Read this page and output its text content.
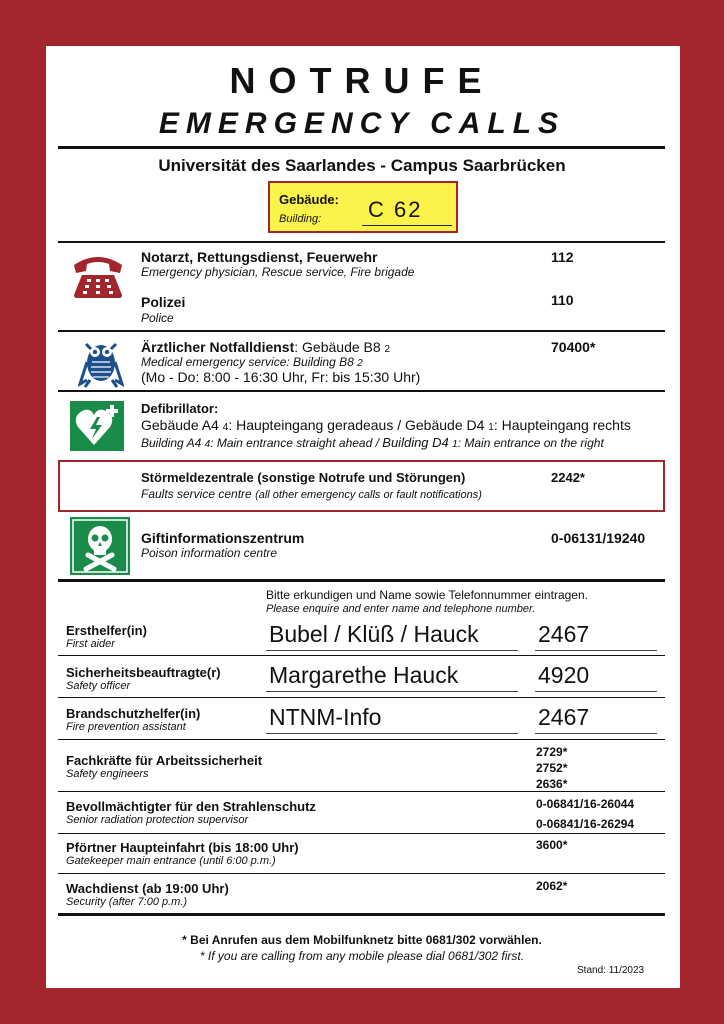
NOTRUFE
EMERGENCY CALLS
Universität des Saarlandes - Campus Saarbrücken
Gebäude:
Building: C 62
Notarzt, Rettungsdienst, Feuerwehr
Emergency physician, Rescue service, Fire brigade
112
Polizei
Police
110
Ärztlicher Notfalldienst: Gebäude B8 2
Medical emergency service: Building B8 2
(Mo - Do: 8:00 - 16:30 Uhr, Fr: bis 15:30 Uhr)
70400*
Defibrillator:
Gebäude A4 4: Haupteingang geradeaus / Gebäude D4 1: Haupteingang rechts
Building A4 4: Main entrance straight ahead / Building D4 1: Main entrance on the right
Störmeldezentrale (sonstige Notrufe und Störungen)
Faults service centre (all other emergency calls or fault notifications)
2242*
Giftinformationszentrum
Poison information centre
0-06131/19240
Bitte erkundigen und Name sowie Telefonnummer eintragen.
Please enquire and enter name and telephone number.
Ersthelfer(in)
First aider	Bubel / Klüß / Hauck	2467
Sicherheitsbeauftragte(r)
Safety officer	Margarethe Hauck	4920
Brandschutzhelfer(in)
Fire prevention assistant	NTNM-Info	2467
Fachkräfte für Arbeitssicherheit
Safety engineers
2729*
2752*
2636*
Bevollmächtigter für den Strahlenschutz
Senior radiation protection supervisor
0-06841/16-26044
0-06841/16-26294
Pförtner Haupteinfahrt (bis 18:00 Uhr)
Gatekeeper main entrance (until 6:00 p.m.)
3600*
Wachdienst (ab 19:00 Uhr)
Security (after 7:00 p.m.)
2062*
* Bei Anrufen aus dem Mobilfunknetz bitte 0681/302 vorwählen.
* If you are calling from any mobile please dial 0681/302 first.
Stand: 11/2023
